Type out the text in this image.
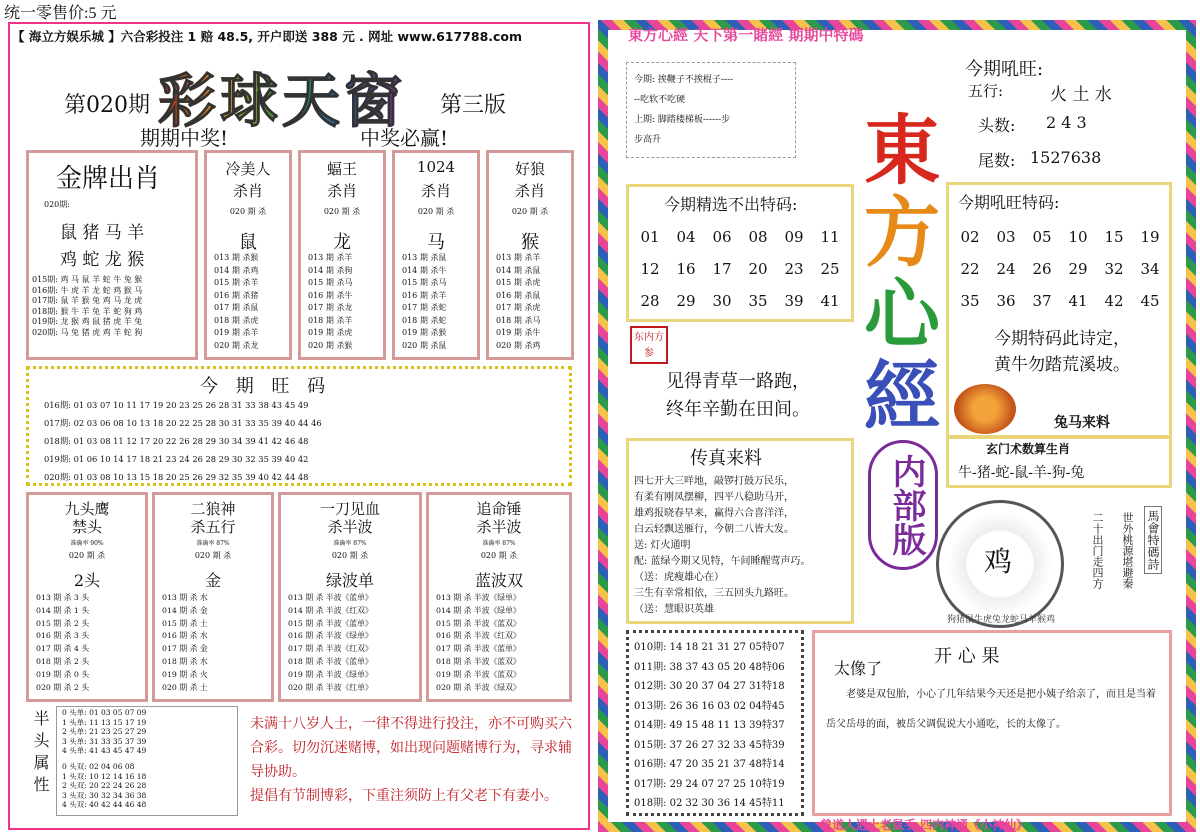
统一零售价:5 元
【 海立方娱乐城 】六合彩投注 1 赔 48.5, 开户即送 388 元 . 网址 www.617788.com
第020期 彩球天窗 第三版
期期中奖!	中奖必赢!
金牌出肖
020期:
鼠 猪 马 羊
鸡 蛇 龙 猴
015期: 鸡 马 鼠 羊 蛇 牛 兔 猴
016期: 牛 虎 羊 龙 蛇 鸡 猴 马
017期: 鼠 羊 猴 兔 鸡 马 龙 虎
018期: 猴 牛 羊 兔 羊 蛇 狗 鸡
019期: 龙 猴 鸡 鼠 猪 虎 羊 兔
020期: 马 兔 猪 虎 鸡 羊 蛇 狗
冷美人
杀肖
020 期 杀
鼠
013 期 杀猴
014 期 杀鸡
015 期 杀羊
016 期 杀猪
017 期 杀鼠
018 期 杀虎
019 期 杀羊
020 期 杀龙
蝠王
杀肖
020 期 杀
龙
013 期 杀羊
014 期 杀狗
015 期 杀马
016 期 杀牛
017 期 杀龙
018 期 杀羊
019 期 杀虎
020 期 杀猴
1024
杀肖
020 期 杀
马
013 期 杀鼠
014 期 杀牛
015 期 杀马
016 期 杀羊
017 期 杀蛇
018 期 杀蛇
019 期 杀猴
020 期 杀鼠
好狼
杀肖
020 期 杀
猴
013 期 杀羊
014 期 杀鼠
015 期 杀虎
016 期 杀鼠
017 期 杀虎
018 期 杀马
019 期 杀牛
020 期 杀鸡
今 期 旺 码
016期: 01 03 07 10 11 17 19 20 23 25 26 28 31 33 38 43 45 49
017期: 02 03 06 08 10 13 18 20 22 25 28 30 31 33 35 39 40 44 46
018期: 01 03 08 11 12 17 20 22 26 28 29 30 34 39 41 42 46 48
019期: 01 06 10 14 17 18 21 23 24 26 28 29 30 32 35 39 40 42
020期: 01 03 08 10 13 15 18 20 25 26 29 32 35 39 40 42 44 48
九头鹰
禁头
准确率 90%
020 期 杀
2头
013 期 杀 3 头
014 期 杀 1 头
015 期 杀 2 头
016 期 杀 3 头
017 期 杀 4 头
018 期 杀 2 头
019 期 杀 0 头
020 期 杀 2 头
二狼神
杀五行
准确率 87%
020 期 杀
金
013 期 杀 水
014 期 杀 金
015 期 杀 土
016 期 杀 水
017 期 杀 金
018 期 杀 水
019 期 杀 火
020 期 杀 土
一刀见血
杀半波
准确率 87%
020 期 杀
绿波单
013 期 杀 半波《蓝单》
014 期 杀 半波《红双》
015 期 杀 半波《蓝单》
016 期 杀 半波《绿单》
017 期 杀 半波《红双》
018 期 杀 半波《蓝单》
019 期 杀 半波《绿单》
020 期 杀 半波《红单》
追命锤
杀半波
准确率 87%
020 期 杀
蓝波双
013 期 杀 半波《绿单》
014 期 杀 半波《绿单》
015 期 杀 半波《蓝双》
016 期 杀 半波《红双》
017 期 杀 半波《蓝单》
018 期 杀 半波《蓝双》
019 期 杀 半波《蓝双》
020 期 杀 半波《绿双》
半头属性 0 头单: 01 03 05 07 09
1 头单: 11 13 15 17 19
2 头单: 21 23 25 27 29
3 头单: 31 33 35 37 39
4 头单: 41 43 45 47 49
0 头双: 02 04 06 08
1 头双: 10 12 14 16 18
2 头双: 20 22 24 26 28
3 头双: 30 32 34 36 38
4 头双: 40 42 44 46 48
未满十八岁人士，一律不得进行投注，亦不可购买六合彩。切勿沉迷赌博，如出现问题赌博行为，寻求辅导协助。
提倡有节制博彩，下重注须防上有父老下有妻小。
東方心經 天下第一賭經 期期中特碼
今期: 挨鞭子不挨棍子----
--吃软不吃硬
上期: 脚踏楼梯板------步
步高升
今期吼旺:
五行:	火 土 水
头数: 2 4 3
尾数: 1527638
東
方
心
經
内部版
今期精选不出特码:
01	04	06	08	09	11
12	16	17	20	23	25
28	29	30	35	39	41
今期吼旺特码:
02	03	05	10	15	19
22	24	26	29	32	34
35	36	37	41	42	45
今期特码此诗定，
黄牛勿踏荒溪坡。
兔马来料
东内方参
见得青草一路跑，
终年辛勤在田间。
玄门术数算生肖
牛-猪-蛇-鼠-羊-狗-兔
传真来料
四七开大三咩地，敲锣打鼓万民乐，
有柔有刚凤摆柳，四平八稳助马开，
雄鸡报晓春早来，赢得六合喜洋洋，
白云轻飘送雁行，今朝二八皆大发。
送: 灯火通明
配: 蓝绿今期又见特，午间睡醒莺声巧。
（送：虎瘦雄心在）
三生有幸常相依，三五回头九路旺。
（送：慧眼识英雄
狗猪鼠牛虎兔龙蛇马羊猴鸡
鸡	二十出门走四方 世外桃源堪避秦 馬會特碼詩
010期: 14 18 21 31 27 05特07
011期: 38 37 43 05 20 48特06
012期: 30 20 37 04 27 31特18
013期: 26 36 16 03 02 04特45
014期: 49 15 48 11 13 39特37
015期: 37 26 27 32 33 45特39
016期: 47 20 35 21 37 48特14
017期: 29 24 07 27 25 10特19
018期: 02 32 30 36 14 45特11
开 心 果
太像了
老婆是双包胎，小心了几年结果今天还是把小姨子给亲了，而且是当着岳父岳母的面，被岳父调侃说大小通吃，长的太像了。
曾道人遇上老鼠手,四内神通《小神仙》
